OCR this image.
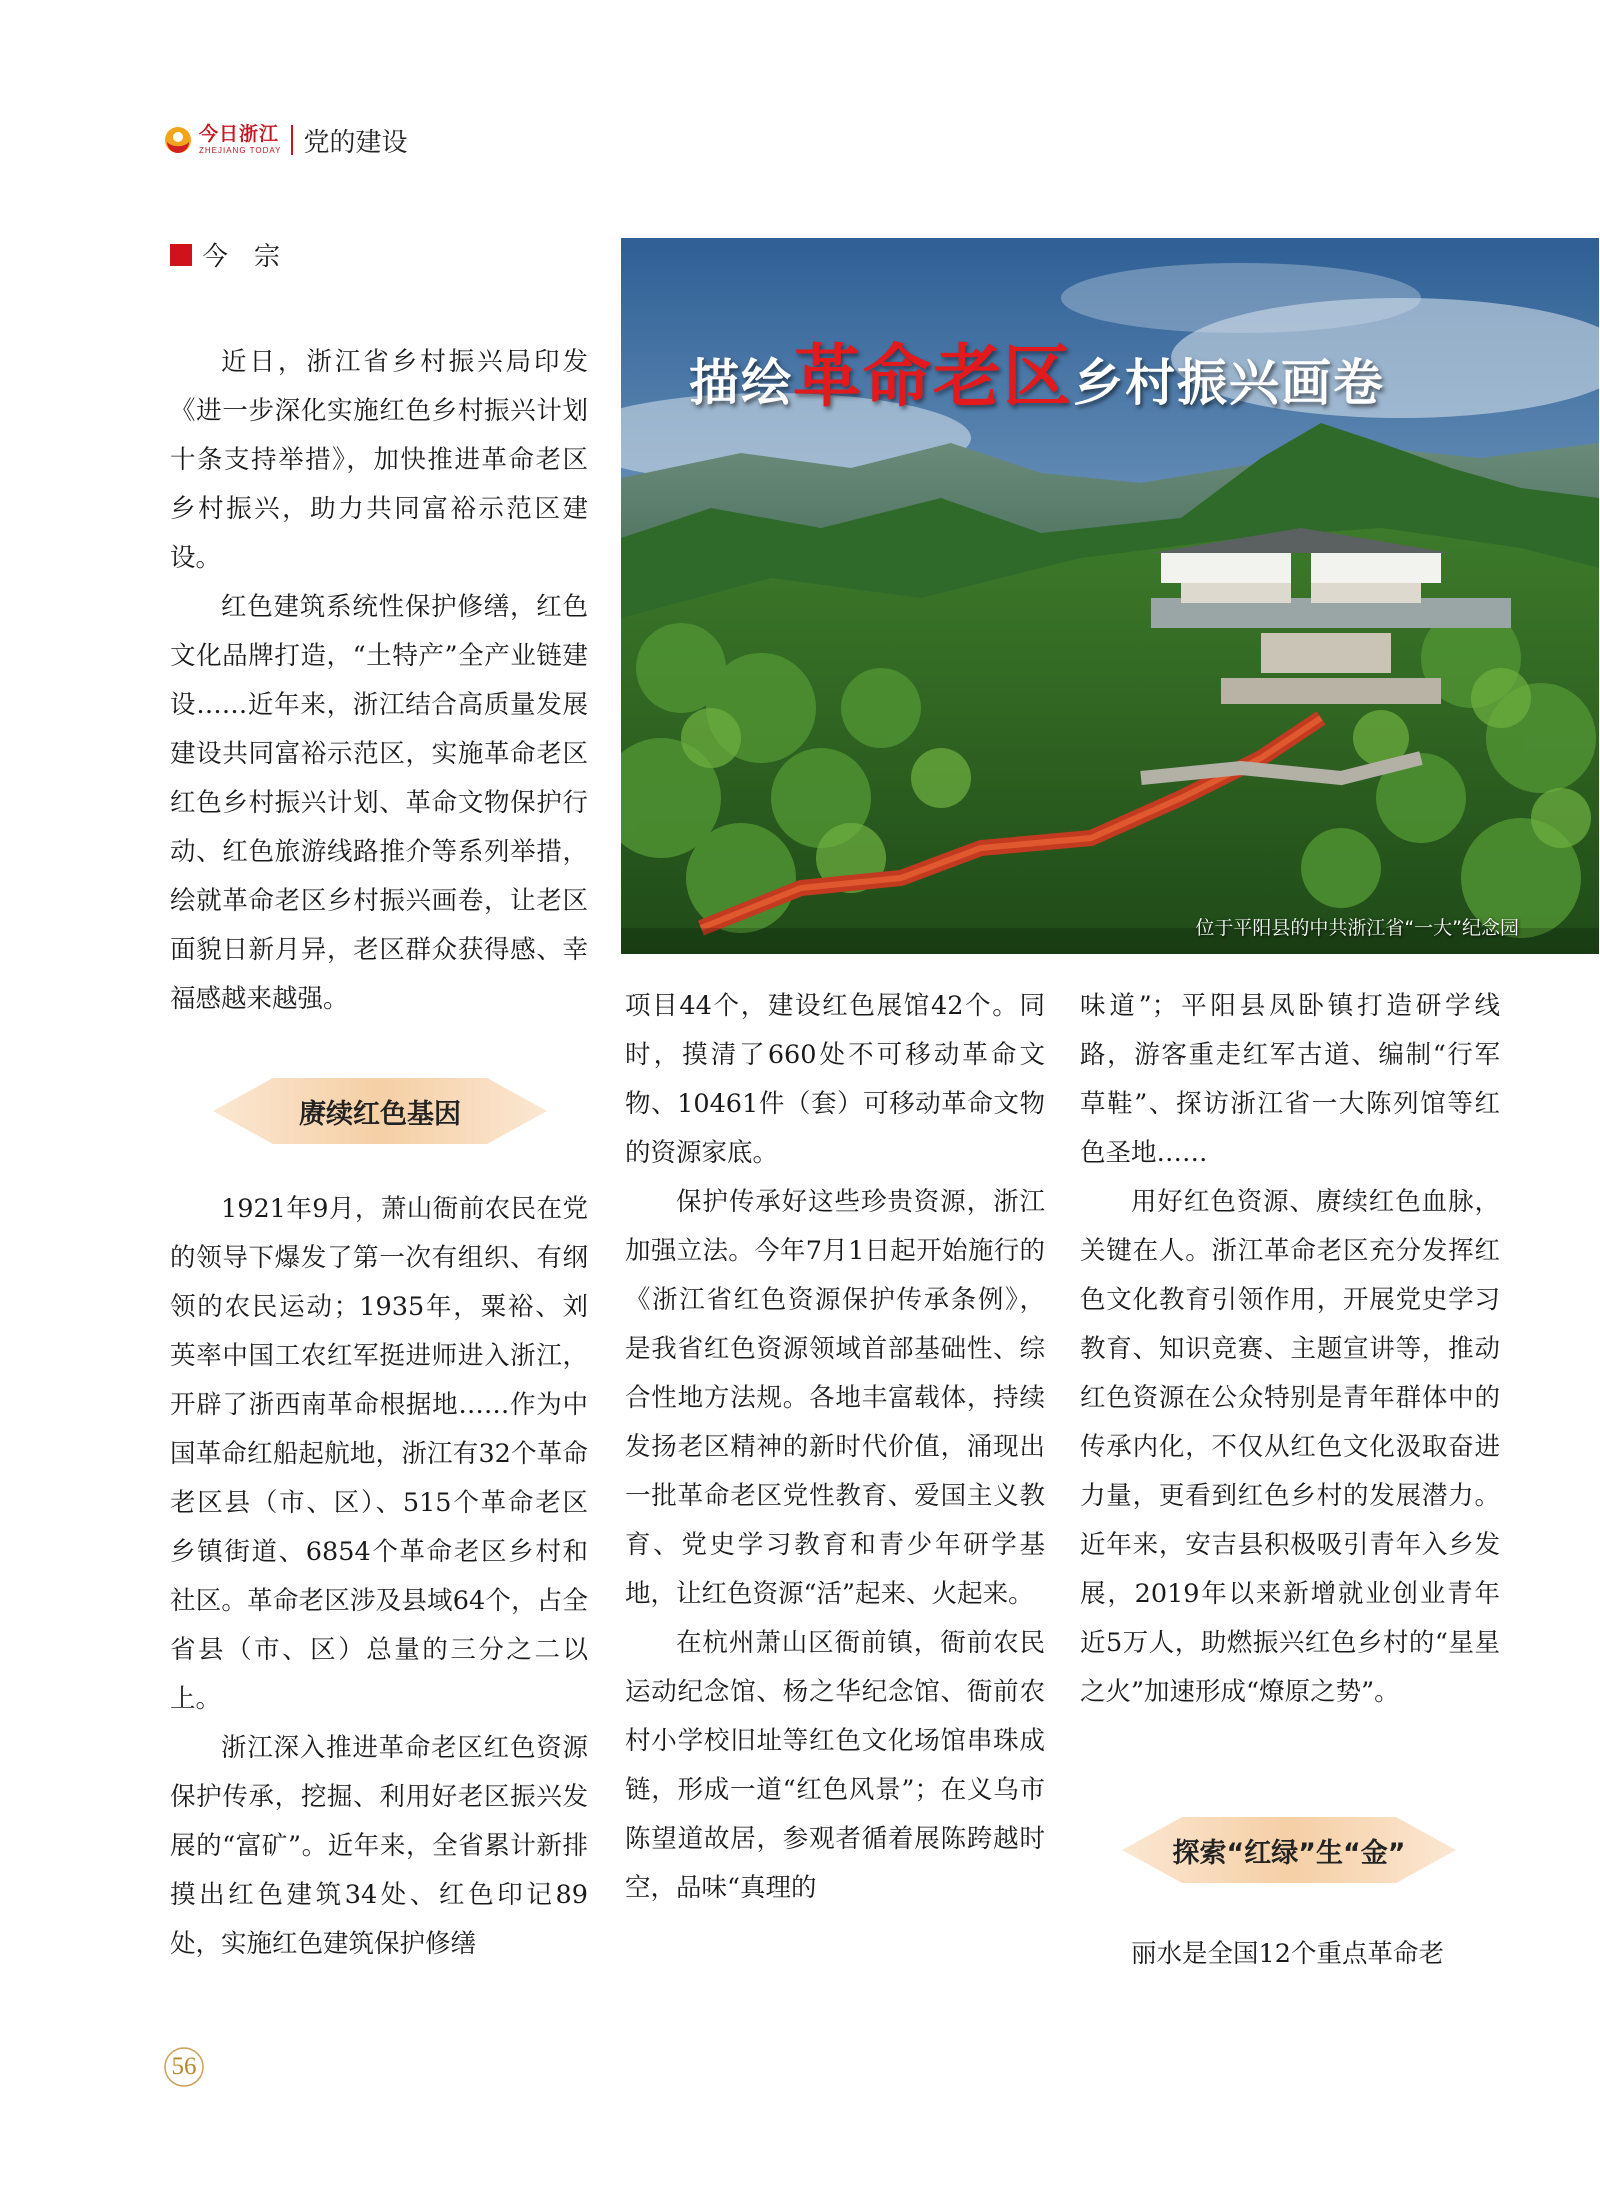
今日浙江
ZHEJIANG TODAY 党的建设
今　宗
描绘革命老区乡村振兴画卷
位于平阳县的中共浙江省“一大”纪念园

近日，浙江省乡村振兴局印发《进一步深化实施红色乡村振兴计划十条支持举措》，加快推进革命老区乡村振兴，助力共同富裕示范区建设。

红色建筑系统性保护修缮，红色文化品牌打造，“土特产”全产业链建设……近年来，浙江结合高质量发展建设共同富裕示范区，实施革命老区红色乡村振兴计划、革命文物保护行动、红色旅游线路推介等系列举措，绘就革命老区乡村振兴画卷，让老区面貌日新月异，老区群众获得感、幸福感越来越强。

赓续红色基因

1921年9月，萧山衙前农民在党的领导下爆发了第一次有组织、有纲领的农民运动；1935年，粟裕、刘英率中国工农红军挺进师进入浙江，开辟了浙西南革命根据地……作为中国革命红船起航地，浙江有32个革命老区县（市、区）、515个革命老区乡镇街道、6854个革命老区乡村和社区。革命老区涉及县域64个，占全省县（市、区）总量的三分之二以上。

浙江深入推进革命老区红色资源保护传承，挖掘、利用好老区振兴发展的“富矿”。近年来，全省累计新排摸出红色建筑34处、红色印记89处，实施红色建筑保护修缮

项目44个，建设红色展馆42个。同时，摸清了660处不可移动革命文物、10461件（套）可移动革命文物的资源家底。

保护传承好这些珍贵资源，浙江加强立法。今年7月1日起开始施行的《浙江省红色资源保护传承条例》，是我省红色资源领域首部基础性、综合性地方法规。各地丰富载体，持续发扬老区精神的新时代价值，涌现出一批革命老区党性教育、爱国主义教育、党史学习教育和青少年研学基地，让红色资源“活”起来、火起来。

在杭州萧山区衙前镇，衙前农民运动纪念馆、杨之华纪念馆、衙前农村小学校旧址等红色文化场馆串珠成链，形成一道“红色风景”；在义乌市陈望道故居，参观者循着展陈跨越时空，品味“真理的

味道”；平阳县凤卧镇打造研学线路，游客重走红军古道、编制“行军草鞋”、探访浙江省一大陈列馆等红色圣地……

用好红色资源、赓续红色血脉，关键在人。浙江革命老区充分发挥红色文化教育引领作用，开展党史学习教育、知识竞赛、主题宣讲等，推动红色资源在公众特别是青年群体中的传承内化，不仅从红色文化汲取奋进力量，更看到红色乡村的发展潜力。近年来，安吉县积极吸引青年入乡发展，2019年以来新增就业创业青年近5万人，助燃振兴红色乡村的“星星之火”加速形成“燎原之势”。

探索“红绿”生“金”

丽水是全国12个重点革命老

56
